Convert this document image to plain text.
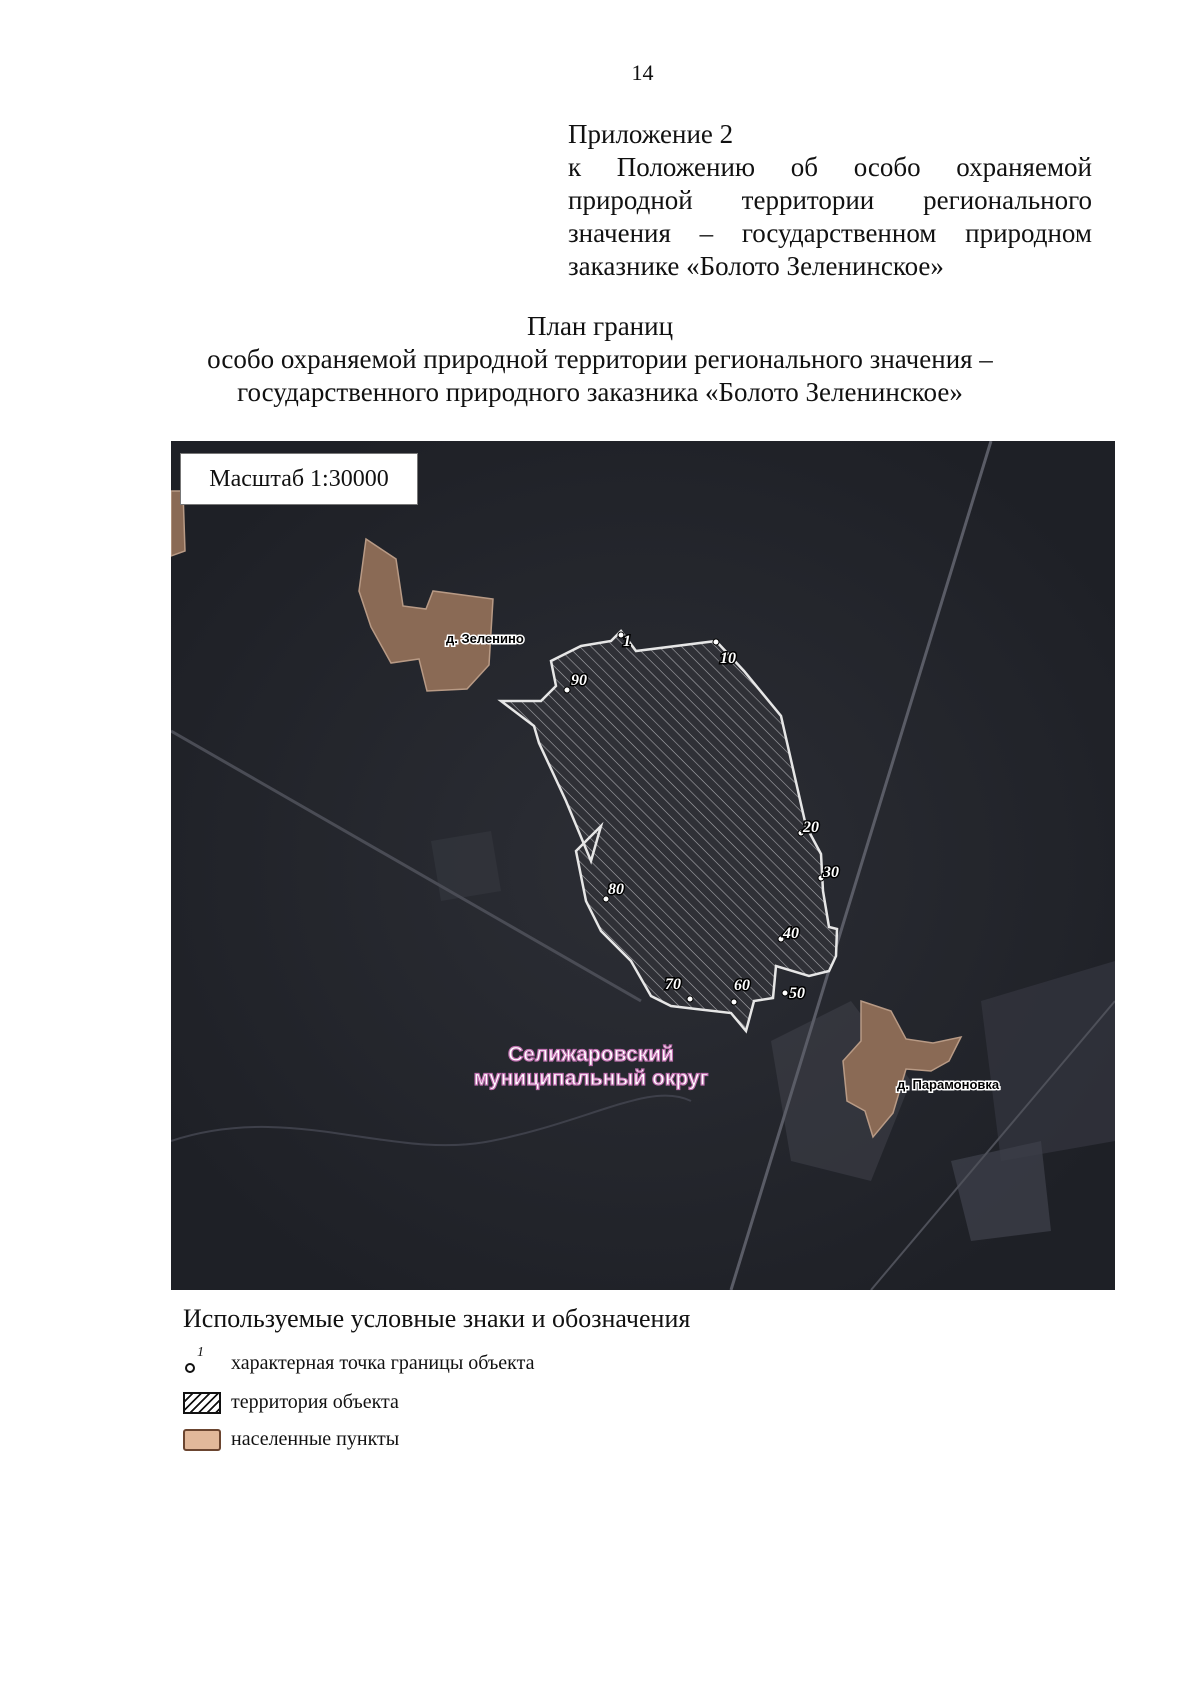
14
Приложение 2
к Положению об особо охраняемой
природной территории регионального
значения – государственном природном
заказнике «Болото Зеленинское»
План границ
особо охраняемой природной территории регионального значения –
государственного природного заказника «Болото Зеленинское»
1
10
20
30
40
50
60
70
80
90
д. Зеленино
д. Парамоновка
Селижаровский
муниципальный округ
Масштаб 1:30000
Используемые условные знаки и обозначения
1 характерная точка границы объекта
территория объекта
населенные пункты
